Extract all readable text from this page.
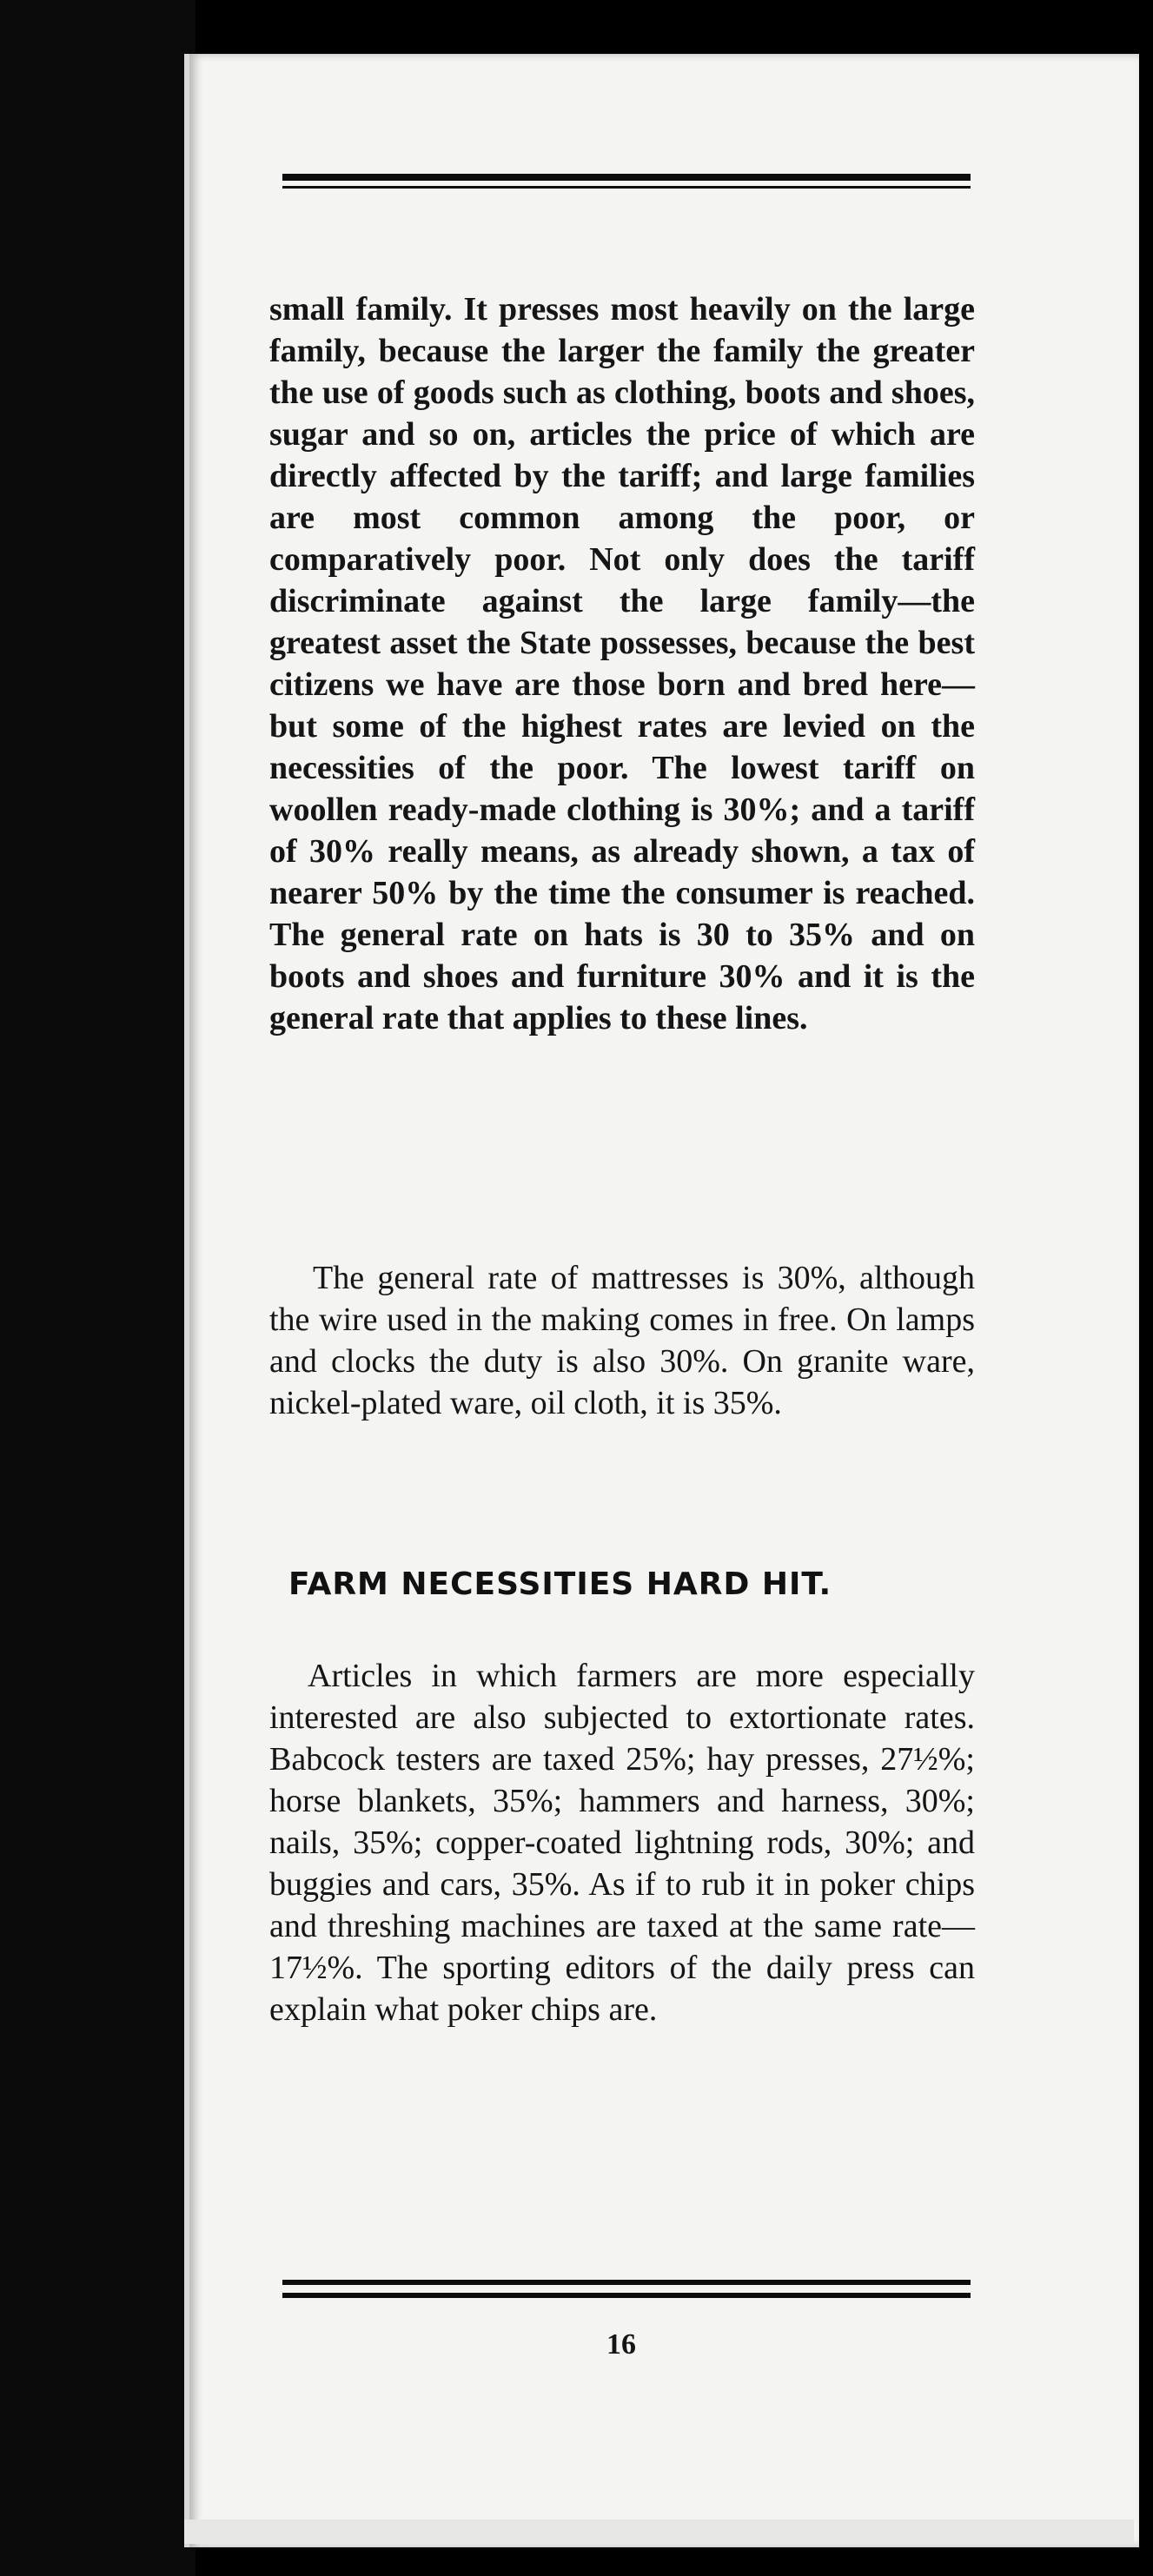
small family. It presses most heavily on the large family, because the larger the family the greater the use of goods such as clothing, boots and shoes, sugar and so on, articles the price of which are directly affected by the tariff; and large families are most common among the poor, or comparatively poor. Not only does the tariff discriminate against the large family—the greatest asset the State possesses, because the best citizens we have are those born and bred here—but some of the highest rates are levied on the necessities of the poor. The lowest tariff on woollen ready-made clothing is 30%; and a tariff of 30% really means, as already shown, a tax of nearer 50% by the time the consumer is reached. The general rate on hats is 30 to 35% and on boots and shoes and furniture 30% and it is the general rate that applies to these lines.

The general rate of mattresses is 30%, although the wire used in the making comes in free. On lamps and clocks the duty is also 30%. On granite ware, nickel-plated ware, oil cloth, it is 35%.

FARM NECESSITIES HARD HIT.

Articles in which farmers are more especially interested are also subjected to extortionate rates. Babcock testers are taxed 25%; hay presses, 27½%; horse blankets, 35%; hammers and harness, 30%; nails, 35%; copper-coated lightning rods, 30%; and buggies and cars, 35%. As if to rub it in poker chips and threshing machines are taxed at the same rate—17½%. The sporting editors of the daily press can explain what poker chips are.

16
